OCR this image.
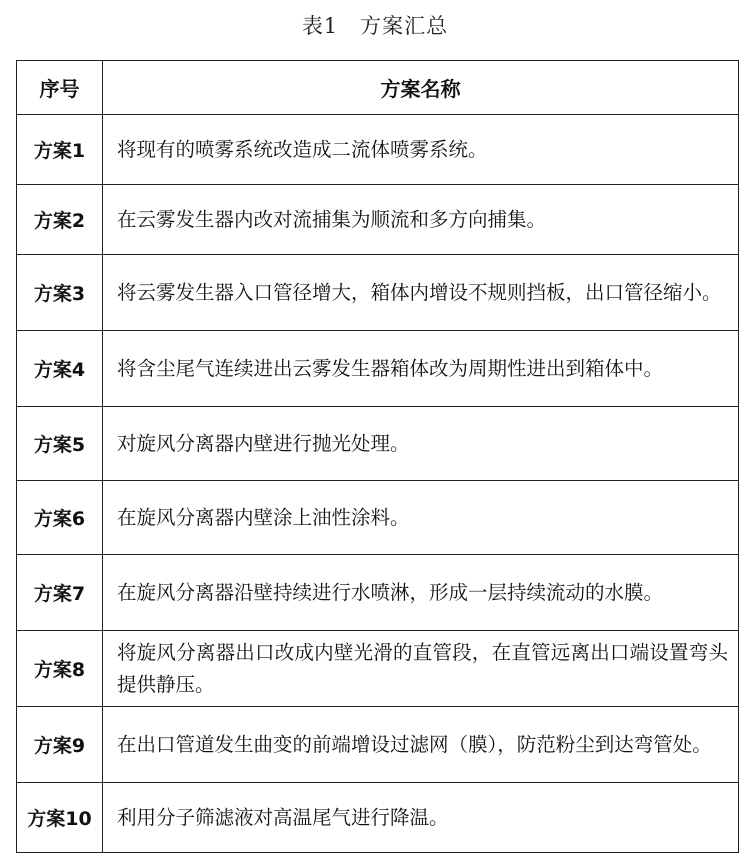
表1　方案汇总
序号	方案名称
方案1	将现有的喷雾系统改造成二流体喷雾系统。
方案2	在云雾发生器内改对流捕集为顺流和多方向捕集。
方案3	将云雾发生器入口管径增大，箱体内增设不规则挡板，出口管径缩小。
方案4	将含尘尾气连续进出云雾发生器箱体改为周期性进出到箱体中。
方案5	对旋风分离器内壁进行抛光处理。
方案6	在旋风分离器内壁涂上油性涂料。
方案7	在旋风分离器沿壁持续进行水喷淋，形成一层持续流动的水膜。
方案8	将旋风分离器出口改成内壁光滑的直管段，在直管远离出口端设置弯头提供静压。
方案9	在出口管道发生曲变的前端增设过滤网（膜），防范粉尘到达弯管处。
方案10	利用分子筛滤液对高温尾气进行降温。
